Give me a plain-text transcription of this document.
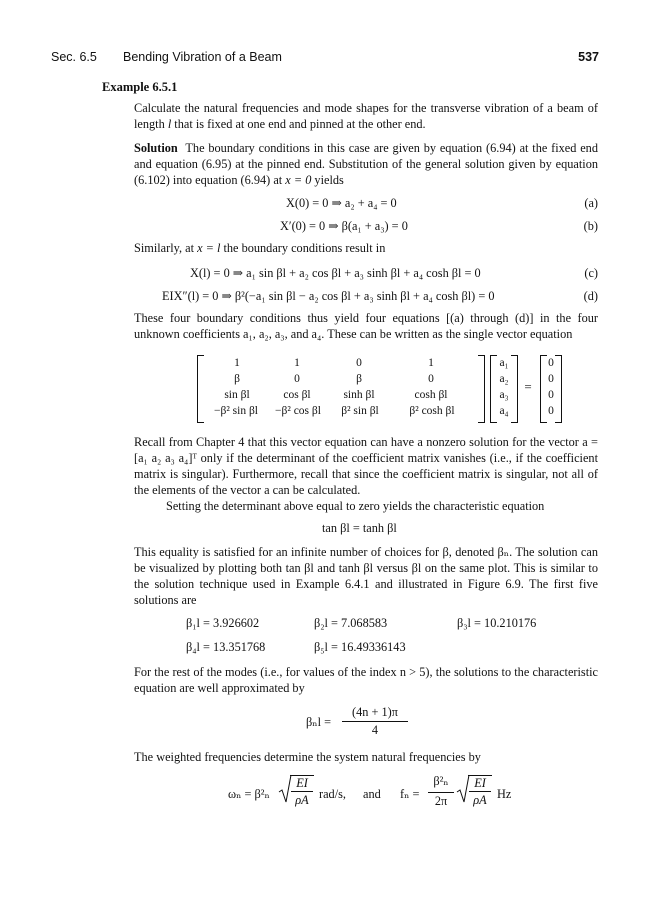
Sec. 6.5 Bending Vibration of a Beam	537
Example 6.5.1
Calculate the natural frequencies and mode shapes for the transverse vibration of a beam of length l that is fixed at one end and pinned at the other end.
Solution The boundary conditions in this case are given by equation (6.94) at the fixed end and equation (6.95) at the pinned end. Substitution of the general solution given by equation (6.102) into equation (6.94) at x = 0 yields
X(0) = 0 ⇒ a₂ + a₄ = 0	(a)
X′(0) = 0 ⇒ β(a₁ + a₃) = 0	(b)
Similarly, at x = l the boundary conditions result in
X(l) = 0 ⇒ a₁ sin βl + a₂ cos βl + a₃ sinh βl + a₄ cosh βl = 0	(c)
EIX″(l) = 0 ⇒ β²(−a₁ sin βl − a₂ cos βl + a₃ sinh βl + a₄ cosh βl) = 0	(d)
These four boundary conditions thus yield four equations [(a) through (d)] in the four unknown coefficients a₁, a₂, a₃, and a₄. These can be written as the single vector equation
1	1	0	1
β	0	β	0
sin βl	cos βl	sinh βl	cosh βl
−β² sin βl	−β² cos βl	β² sin βl	β² cosh βl
a₁
a₂
a₃
a₄
=
0
0
0
0
Recall from Chapter 4 that this vector equation can have a nonzero solution for the vector a = [a₁ a₂ a₃ a₄]ᵀ only if the determinant of the coefficient matrix vanishes (i.e., if the coefficient matrix is singular). Furthermore, recall that since the coefficient matrix is singular, not all of the elements of the vector a can be calculated.
Setting the determinant above equal to zero yields the characteristic equation
tan βl = tanh βl
This equality is satisfied for an infinite number of choices for β, denoted βₙ. The solution can be visualized by plotting both tan βl and tanh βl versus βl on the same plot. This is similar to the solution technique used in Example 6.4.1 and illustrated in Figure 6.9. The first five solutions are
β₁l = 3.926602	β₂l = 7.068583	β₃l = 10.210176
β₄l = 13.351768	β₅l = 16.49336143
For the rest of the modes (i.e., for values of the index n > 5), the solutions to the characteristic equation are well approximated by
βₙl =
(4n + 1)π
4
The weighted frequencies determine the system natural frequencies by
ωₙ = β²ₙ
EI
ρA rad/s, and fₙ =
β²ₙ
2π
EI
ρA Hz
